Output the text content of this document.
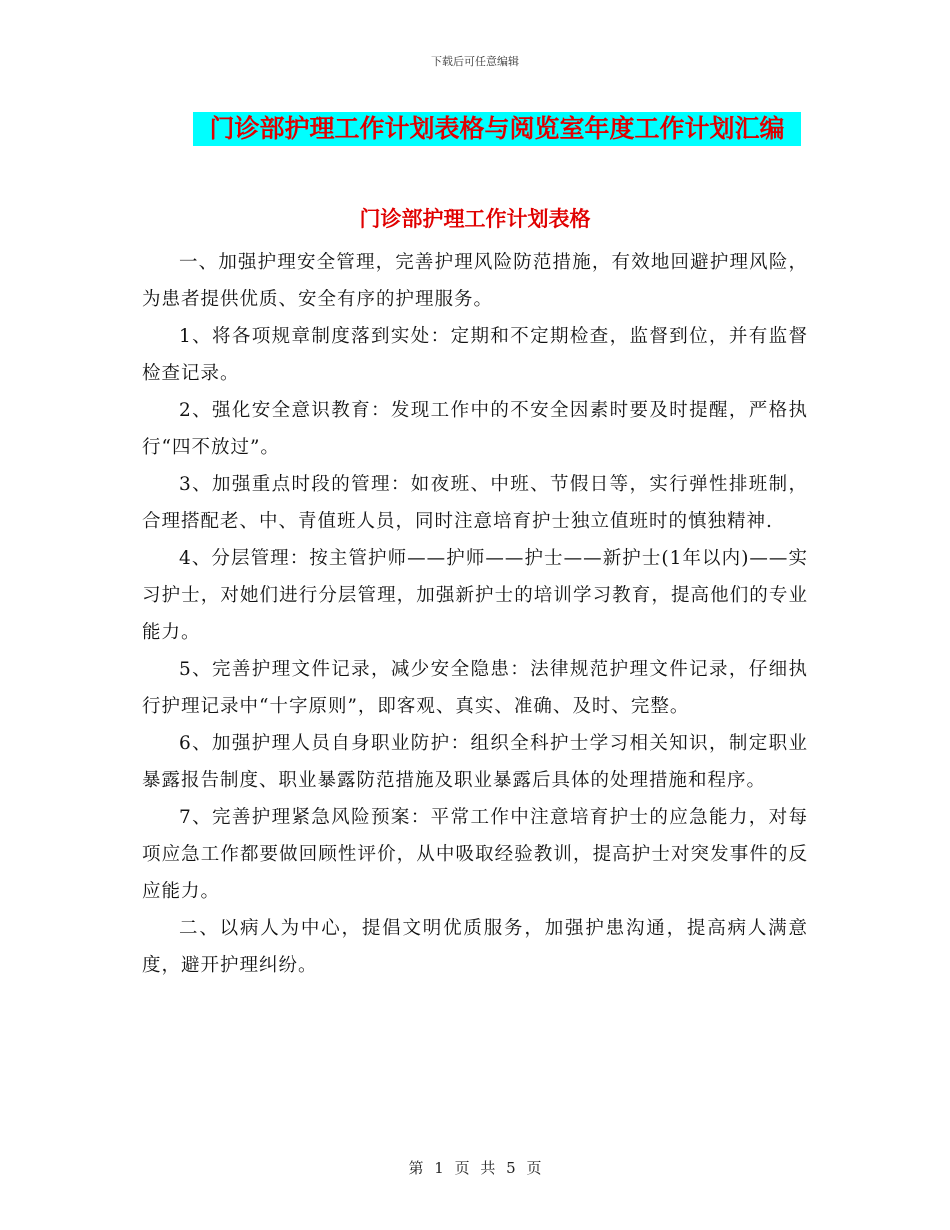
下载后可任意编辑
门诊部护理工作计划表格与阅览室年度工作计划汇编
门诊部护理工作计划表格

一、加强护理安全管理，完善护理风险防范措施，有效地回避护理风险，为患者提供优质、安全有序的护理服务。

1、将各项规章制度落到实处：定期和不定期检查，监督到位，并有监督检查记录。

2、强化安全意识教育：发现工作中的不安全因素时要及时提醒，严格执行“四不放过”。

3、加强重点时段的管理：如夜班、中班、节假日等，实行弹性排班制，合理搭配老、中、青值班人员，同时注意培育护士独立值班时的慎独精神.

4、分层管理：按主管护师——护师——护士——新护士(1年以内)——实习护士，对她们进行分层管理，加强新护士的培训学习教育，提高他们的专业能力。

5、完善护理文件记录，减少安全隐患：法律规范护理文件记录，仔细执行护理记录中“十字原则”，即客观、真实、准确、及时、完整。

6、加强护理人员自身职业防护：组织全科护士学习相关知识，制定职业暴露报告制度、职业暴露防范措施及职业暴露后具体的处理措施和程序。

7、完善护理紧急风险预案：平常工作中注意培育护士的应急能力，对每项应急工作都要做回顾性评价，从中吸取经验教训，提高护士对突发事件的反应能力。

二、以病人为中心，提倡文明优质服务，加强护患沟通，提高病人满意度，避开护理纠纷。

第 1 页 共 5 页
